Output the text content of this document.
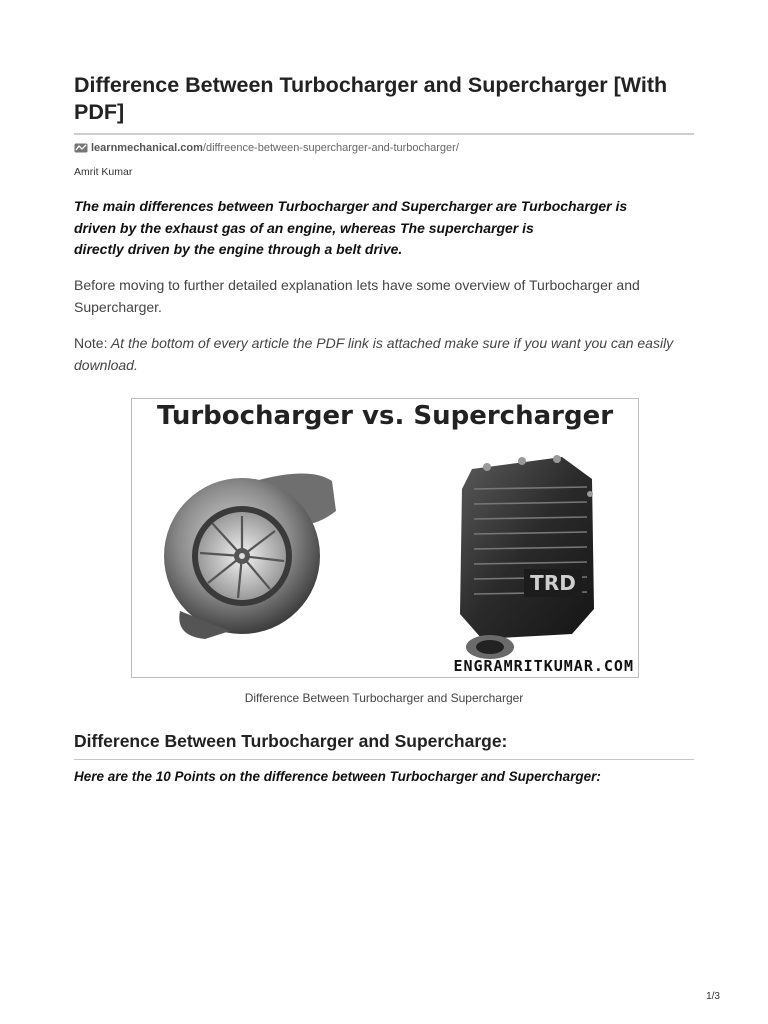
Difference Between Turbocharger and Supercharger [With PDF]
learnmechanical.com /diffreence-between-supercharger-and-turbocharger/
Amrit Kumar
The main differences between Turbocharger and Supercharger are Turbocharger is
driven by the exhaust gas of an engine, whereas The supercharger is
directly driven by the engine through a belt drive.

Before moving to further detailed explanation lets have some overview of Turbocharger and Supercharger.

Note: At the bottom of every article the PDF link is attached make sure if you want you can easily download.

Turbocharger vs. Supercharger
TRD
ENGRAMRITKUMAR.COM
Difference Between Turbocharger and Supercharger
Difference Between Turbocharger and Supercharge:
Here are the 10 Points on the difference between Turbocharger and Supercharger:
1/3
